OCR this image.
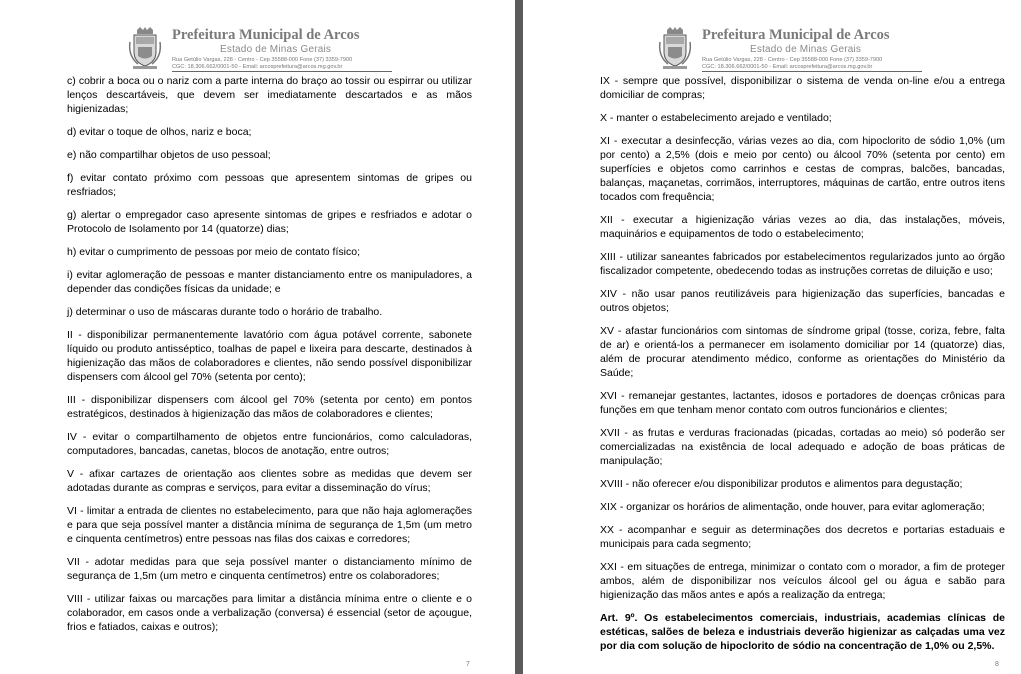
Prefeitura Municipal de Arcos
Estado de Minas Gerais
Rua Getúlio Vargas, 228 - Centro - Cep 35588-000 Fone (37) 3359-7900
CGC: 18.306.662/0001-50 - Email: arcosprefeitura@arcos.mg.gov.br

c) cobrir a boca ou o nariz com a parte interna do braço ao tossir ou espirrar ou utilizar lenços descartáveis, que devem ser imediatamente descartados e as mãos higienizadas;

d) evitar o toque de olhos, nariz e boca;

e) não compartilhar objetos de uso pessoal;

f) evitar contato próximo com pessoas que apresentem sintomas de gripes ou resfriados;

g) alertar o empregador caso apresente sintomas de gripes e resfriados e adotar o Protocolo de Isolamento por 14 (quatorze) dias;

h) evitar o cumprimento de pessoas por meio de contato físico;

i) evitar aglomeração de pessoas e manter distanciamento entre os manipuladores, a depender das condições físicas da unidade; e

j) determinar o uso de máscaras durante todo o horário de trabalho.

II - disponibilizar permanentemente lavatório com água potável corrente, sabonete líquido ou produto antisséptico, toalhas de papel e lixeira para descarte, destinados à higienização das mãos de colaboradores e clientes, não sendo possível disponibilizar dispensers com álcool gel 70% (setenta por cento);

III - disponibilizar dispensers com álcool gel 70% (setenta por cento) em pontos estratégicos, destinados à higienização das mãos de colaboradores e clientes;

IV - evitar o compartilhamento de objetos entre funcionários, como calculadoras, computadores, bancadas, canetas, blocos de anotação, entre outros;

V - afixar cartazes de orientação aos clientes sobre as medidas que devem ser adotadas durante as compras e serviços, para evitar a disseminação do vírus;

VI - limitar a entrada de clientes no estabelecimento, para que não haja aglomerações e para que seja possível manter a distância mínima de segurança de 1,5m (um metro e cinquenta centímetros) entre pessoas nas filas dos caixas e corredores;

VII - adotar medidas para que seja possível manter o distanciamento mínimo de segurança de 1,5m (um metro e cinquenta centímetros) entre os colaboradores;

VIII - utilizar faixas ou marcações para limitar a distância mínima entre o cliente e o colaborador, em casos onde a verbalização (conversa) é essencial (setor de açougue, frios e fatiados, caixas e outros);

7
Prefeitura Municipal de Arcos
Estado de Minas Gerais
Rua Getúlio Vargas, 228 - Centro - Cep 35588-000 Fone (37) 3359-7900
CGC: 18.306.662/0001-50 - Email: arcosprefeitura@arcos.mg.gov.br

IX - sempre que possível, disponibilizar o sistema de venda on-line e/ou a entrega domiciliar de compras;

X - manter o estabelecimento arejado e ventilado;

XI - executar a desinfecção, várias vezes ao dia, com hipoclorito de sódio 1,0% (um por cento) a 2,5% (dois e meio por cento) ou álcool 70% (setenta por cento) em superfícies e objetos como carrinhos e cestas de compras, balcões, bancadas, balanças, maçanetas, corrimãos, interruptores, máquinas de cartão, entre outros itens tocados com frequência;

XII - executar a higienização várias vezes ao dia, das instalações, móveis, maquinários e equipamentos de todo o estabelecimento;

XIII - utilizar saneantes fabricados por estabelecimentos regularizados junto ao órgão fiscalizador competente, obedecendo todas as instruções corretas de diluição e uso;

XIV - não usar panos reutilizáveis para higienização das superfícies, bancadas e outros objetos;

XV - afastar funcionários com sintomas de síndrome gripal (tosse, coriza, febre, falta de ar) e orientá-los a permanecer em isolamento domiciliar por 14 (quatorze) dias, além de procurar atendimento médico, conforme as orientações do Ministério da Saúde;

XVI - remanejar gestantes, lactantes, idosos e portadores de doenças crônicas para funções em que tenham menor contato com outros funcionários e clientes;

XVII - as frutas e verduras fracionadas (picadas, cortadas ao meio) só poderão ser comercializadas na existência de local adequado e adoção de boas práticas de manipulação;

XVIII - não oferecer e/ou disponibilizar produtos e alimentos para degustação;

XIX - organizar os horários de alimentação, onde houver, para evitar aglomeração;

XX - acompanhar e seguir as determinações dos decretos e portarias estaduais e municipais para cada segmento;

XXI - em situações de entrega, minimizar o contato com o morador, a fim de proteger ambos, além de disponibilizar nos veículos álcool gel ou água e sabão para higienização das mãos antes e após a realização da entrega;

Art. 9º. Os estabelecimentos comerciais, industriais, academias clínicas de estéticas, salões de beleza e industriais deverão higienizar as calçadas uma vez por dia com solução de hipoclorito de sódio na concentração de 1,0% ou 2,5%.

8
